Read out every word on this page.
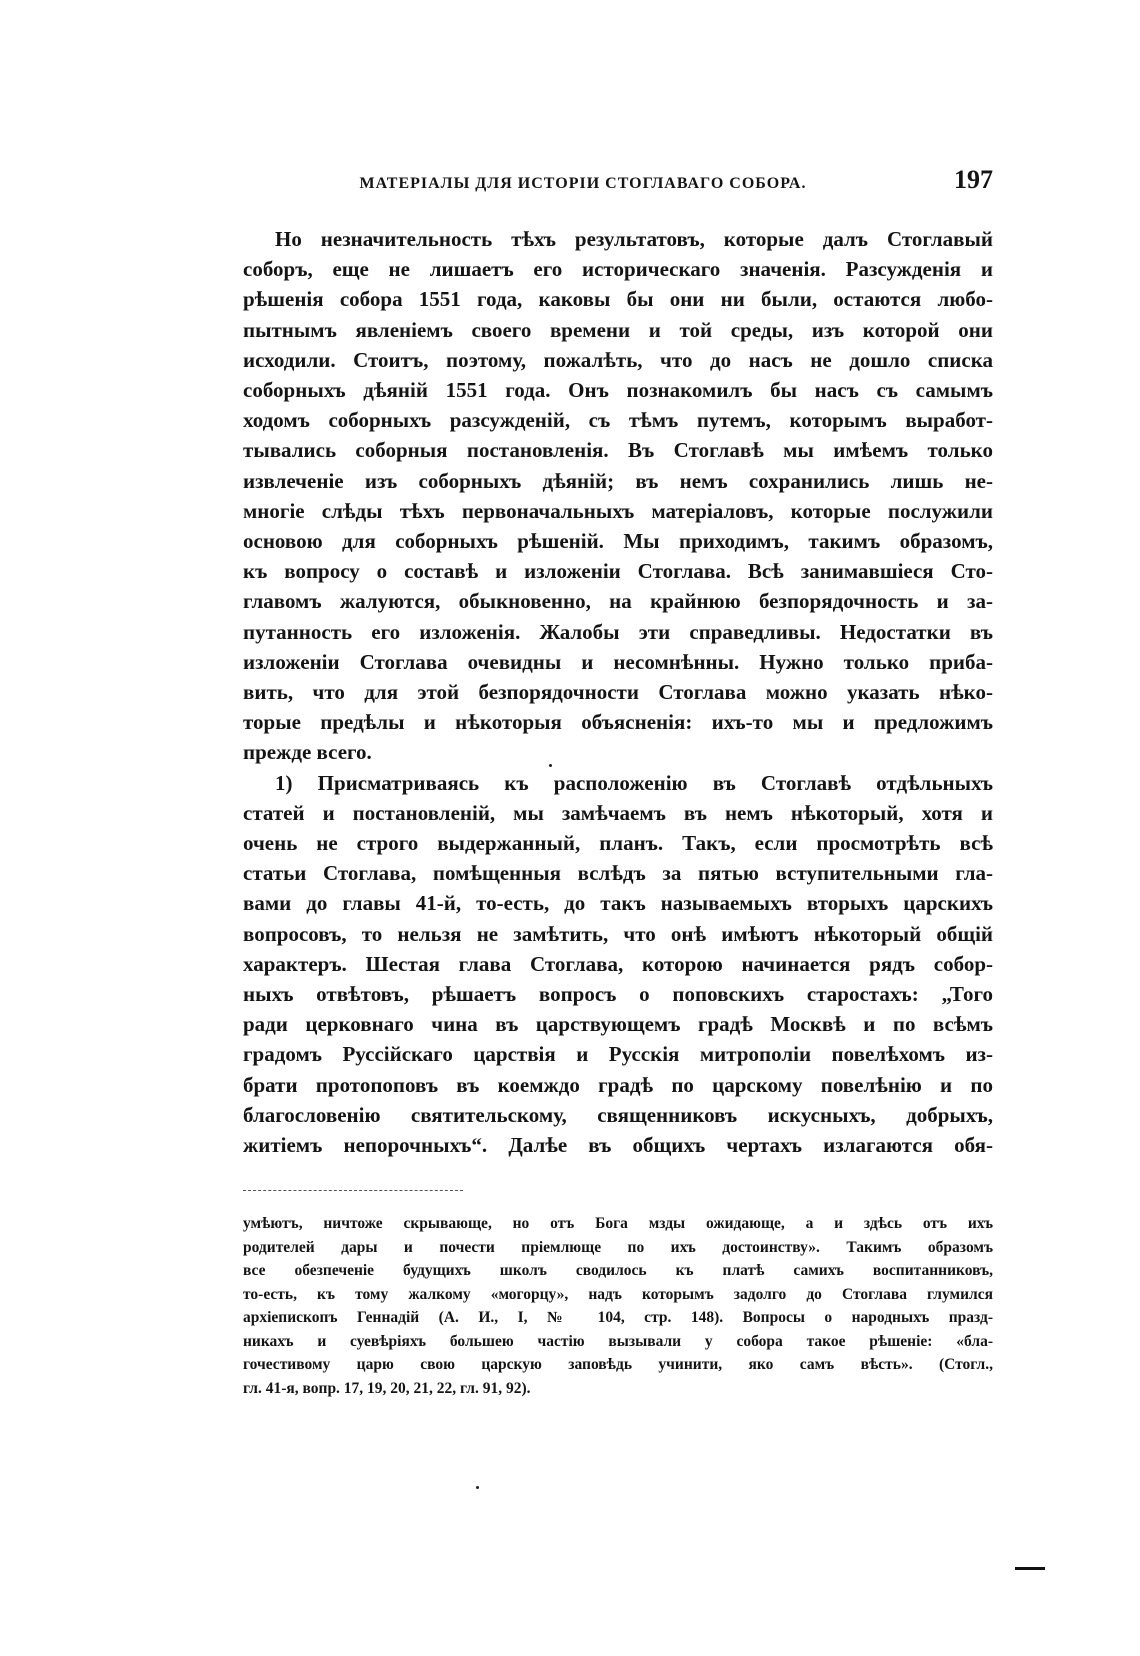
МАТЕРІАЛЫ ДЛЯ ИСТОРІИ СТОГЛАВАГО СОБОРА.	197
Но незначительность тѣхъ результатовъ, которые далъ Стоглавый
соборъ, еще не лишаетъ его историческаго значенія. Разсужденія и
рѣшенія собора 1551 года, каковы бы они ни были, остаются любо-
пытнымъ явленіемъ своего времени и той среды, изъ которой они
исходили. Стоитъ, поэтому, пожалѣть, что до насъ не дошло списка
соборныхъ дѣяній 1551 года. Онъ познакомилъ бы насъ съ самымъ
ходомъ соборныхъ разсужденій, съ тѣмъ путемъ, которымъ выработ-
тывались соборныя постановленія. Въ Стоглавѣ мы имѣемъ только
извлеченіе изъ соборныхъ дѣяній; въ немъ сохранились лишь не-
многіе слѣды тѣхъ первоначальныхъ матеріаловъ, которые послужили
основою для соборныхъ рѣшеній. Мы приходимъ, такимъ образомъ,
къ вопросу о составѣ и изложеніи Стоглава. Всѣ занимавшіеся Сто-
главомъ жалуются, обыкновенно, на крайнюю безпорядочность и за-
путанность его изложенія. Жалобы эти справедливы. Недостатки въ
изложеніи Стоглава очевидны и несомнѣнны. Нужно только приба-
вить, что для этой безпорядочности Стоглава можно указать нѣко-
торые предѣлы и нѣкоторыя объясненія: ихъ-то мы и предложимъ
прежде всего.
1) Присматриваясь къ расположенію въ Стоглавѣ отдѣльныхъ
статей и постановленій, мы замѣчаемъ въ немъ нѣкоторый, хотя и
очень не строго выдержанный, планъ. Такъ, если просмотрѣть всѣ
статьи Стоглава, помѣщенныя вслѣдъ за пятью вступительными гла-
вами до главы 41-й, то-есть, до такъ называемыхъ вторыхъ царскихъ
вопросовъ, то нельзя не замѣтить, что онѣ имѣютъ нѣкоторый общій
характеръ. Шестая глава Стоглава, которою начинается рядъ собор-
ныхъ отвѣтовъ, рѣшаетъ вопросъ о поповскихъ старостахъ: „Того
ради церковнаго чина въ царствующемъ градѣ Москвѣ и по всѣмъ
градомъ Руссійскаго царствія и Русскія митрополіи повелѣхомъ из-
брати протопоповъ въ коемждо градѣ по царскому повелѣнію и по
благословенію святительскому, священниковъ искусныхъ, добрыхъ,
житіемъ непорочныхъ“. Далѣе въ общихъ чертахъ излагаются обя-
умѣютъ, ничтоже скрывающе, но отъ Бога мзды ожидающе, а и здѣсь отъ ихъ
родителей дары и почести пріемлюще по ихъ достоинству». Такимъ образомъ
все обезпеченіе будущихъ школъ сводилось къ платѣ самихъ воспитанниковъ,
то-есть, къ тому жалкому «могорцу», надъ которымъ задолго до Стоглава глумился
архіепископъ Геннадій (А. И., I, № 104, стр. 148). Вопросы о народныхъ празд-
никахъ и суевѣріяхъ большею частію вызывали у собора такое рѣшеніе: «бла-
гочестивому царю свою царскую заповѣдь учинити, яко самъ вѣсть». (Стогл.,
гл. 41-я, вопр. 17, 19, 20, 21, 22, гл. 91, 92).
